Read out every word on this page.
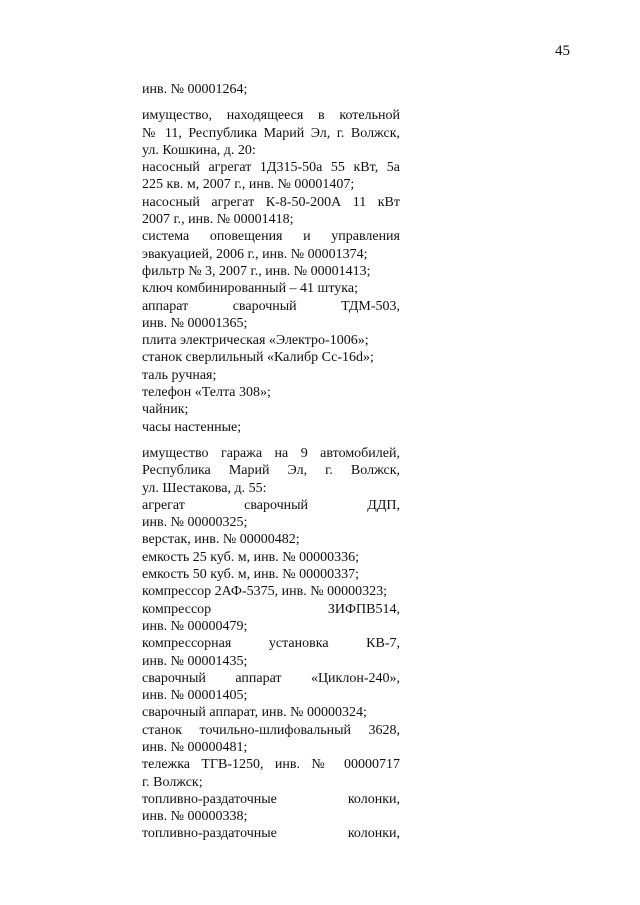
45
инв. № 00001264;
имущество, находящееся в котельной
№ 11, Республика Марий Эл, г. Волжск,
ул. Кошкина, д. 20:
насосный агрегат 1Д315-50а 55 кВт, 5а
225 кв. м, 2007 г., инв. № 00001407;
насосный агрегат К-8-50-200А 11 кВт
2007 г., инв. № 00001418;
система оповещения и управления
эвакуацией, 2006 г., инв. № 00001374;
фильтр № 3, 2007 г., инв. № 00001413;
ключ комбинированный – 41 штука;
аппарат сварочный ТДМ-503,
инв. № 00001365;
плита электрическая «Электро-1006»;
станок сверлильный «Калибр Сс-16d»;
таль ручная;
телефон «Телта 308»;
чайник;
часы настенные;
имущество гаража на 9 автомобилей,
Республика Марий Эл, г. Волжск,
ул. Шестакова, д. 55:
агрегат сварочный ДДП,
инв. № 00000325;
верстак, инв. № 00000482;
емкость 25 куб. м, инв. № 00000336;
емкость 50 куб. м, инв. № 00000337;
компрессор 2АФ-5375, инв. № 00000323;
компрессор ЗИФПВ514,
инв. № 00000479;
компрессорная установка КВ-7,
инв. № 00001435;
сварочный аппарат «Циклон-240»,
инв. № 00001405;
сварочный аппарат, инв. № 00000324;
станок точильно-шлифовальный 3628,
инв. № 00000481;
тележка ТГВ-1250, инв. № 00000717
г. Волжск;
топливно-раздаточные колонки,
инв. № 00000338;
топливно-раздаточные колонки,
